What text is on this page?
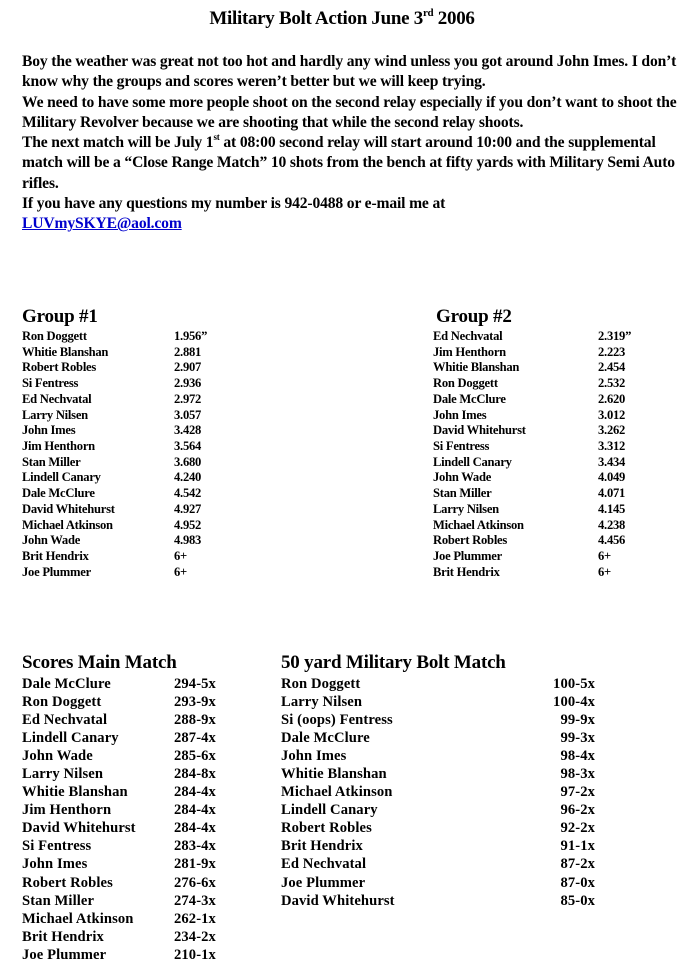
Military Bolt Action June 3rd 2006

Boy the weather was great not too hot and hardly any wind unless you got around John Imes. I don’t know why the groups and scores weren’t better but we will keep trying.

We need to have some more people shoot on the second relay especially if you don’t want to shoot the Military Revolver because we are shooting that while the second relay shoots.

The next match will be July 1st at 08:00 second relay will start around 10:00 and the supplemental match will be a “Close Range Match” 10 shots from the bench at fifty yards with Military Semi Auto rifles.

If you have any questions my number is 942-0488 or e-mail me at

LUVmySKYE@aol.com

Group #1
Ron Doggett	1.956”
Whitie Blanshan	2.881
Robert Robles	2.907
Si Fentress	2.936
Ed Nechvatal	2.972
Larry Nilsen	3.057
John Imes	3.428
Jim Henthorn	3.564
Stan Miller	3.680
Lindell Canary	4.240
Dale McClure	4.542
David Whitehurst	4.927
Michael Atkinson	4.952
John Wade	4.983
Brit Hendrix	6+
Joe Plummer	6+
Group #2
Ed Nechvatal	2.319”
Jim Henthorn	2.223
Whitie Blanshan	2.454
Ron Doggett	2.532
Dale McClure	2.620
John Imes	3.012
David Whitehurst	3.262
Si Fentress	3.312
Lindell Canary	3.434
John Wade	4.049
Stan Miller	4.071
Larry Nilsen	4.145
Michael Atkinson	4.238
Robert Robles	4.456
Joe Plummer	6+
Brit Hendrix	6+
Scores Main Match
Dale McClure	294-5x
Ron Doggett	293-9x
Ed Nechvatal	288-9x
Lindell Canary	287-4x
John Wade	285-6x
Larry Nilsen	284-8x
Whitie Blanshan	284-4x
Jim Henthorn	284-4x
David Whitehurst	284-4x
Si Fentress	283-4x
John Imes	281-9x
Robert Robles	276-6x
Stan Miller	274-3x
Michael Atkinson	262-1x
Brit Hendrix	234-2x
Joe Plummer	210-1x
50 yard Military Bolt Match
Ron Doggett	100-5x
Larry Nilsen	100-4x
Si (oops) Fentress	99-9x
Dale McClure	99-3x
John Imes	98-4x
Whitie Blanshan	98-3x
Michael Atkinson	97-2x
Lindell Canary	96-2x
Robert Robles	92-2x
Brit Hendrix	91-1x
Ed Nechvatal	87-2x
Joe Plummer	87-0x
David Whitehurst	85-0x
